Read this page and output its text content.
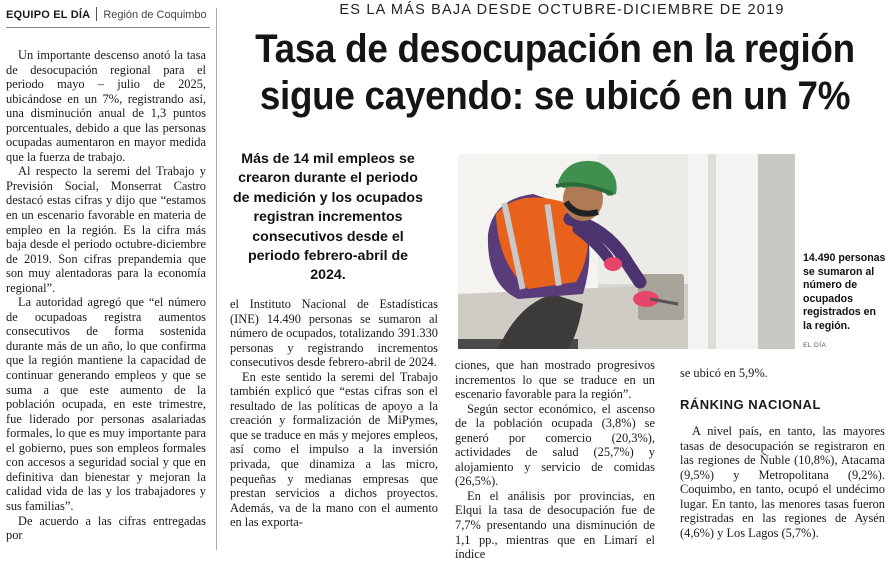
EQUIPO EL DÍA Región de Coquimbo	ES LA MÁS BAJA DESDE OCTUBRE-DICIEMBRE DE 2019
Tasa de desocupación en la región
sigue cayendo: se ubicó en un 7%

Un importante descenso anotó la tasa de desocupación regional para el periodo mayo – julio de 2025, ubicándose en un 7%, registrando así, una disminución anual de 1,3 puntos porcentuales, debido a que las personas ocupadas aumentaron en mayor medida que la fuerza de trabajo.

Al respecto la seremi del Trabajo y Previsión Social, Monserrat Castro destacó estas cifras y dijo que “estamos en un escenario favorable en materia de empleo en la región. Es la cifra más baja desde el periodo octubre-diciembre de 2019. Son cifras prepandemia que son muy alentadoras para la economía regional”.

La autoridad agregó que “el número de ocupadoas registra aumentos consecutivos de forma sostenida durante más de un año, lo que confirma que la región mantiene la capacidad de continuar generando empleos y que se suma a que este aumento de la población ocupada, en este trimestre, fue liderado por personas asalariadas formales, lo que es muy importante para el gobierno, pues son empleos formales con accesos a seguridad social y que en definitiva dan bienestar y mejoran la calidad vida de las y los trabajadores y sus familias”.

De acuerdo a las cifras entregadas por

Más de 14 mil empleos se crearon durante el periodo de medición y los ocupados registran incrementos consecutivos desde el periodo febrero-abril de 2024.

el Instituto Nacional de Estadísticas (INE) 14.490 personas se sumaron al número de ocupados, totalizando 391.330 personas y registrando incrementos consecutivos desde febrero-abril de 2024.

En este sentido la seremi del Trabajo también explicó que “estas cifras son el resultado de las políticas de apoyo a la creación y formalización de MiPymes, que se traduce en más y mejores empleos, así como el impulso a la inversión privada, que dinamiza a las micro, pequeñas y medianas empresas que prestan servicios a dichos proyectos. Además, va de la mano con el aumento en las exporta-

14.490 personas se sumaron al número de ocupados registrados en la región.
EL DÍA

ciones, que han mostrado progresivos incrementos lo que se traduce en un escenario favorable para la región”.

Según sector económico, el ascenso de la población ocupada (3,8%) se generó por comercio (20,3%), actividades de salud (25,7%) y alojamiento y servicio de comidas (26,5%).

En el análisis por provincias, en Elqui la tasa de desocupación fue de 7,7% presentando una disminución de 1,1 pp., mientras que en Limarí el índice

se ubicó en 5,9%.

RÁNKING NACIONAL

A nivel país, en tanto, las mayores tasas de desocupación se registraron en las regiones de Ñuble (10,8%), Atacama (9,5%) y Metropolitana (9,2%). Coquimbo, en tanto, ocupó el undécimo lugar. En tanto, las menores tasas fueron registradas en las regiones de Aysén (4,6%) y Los Lagos (5,7%).
